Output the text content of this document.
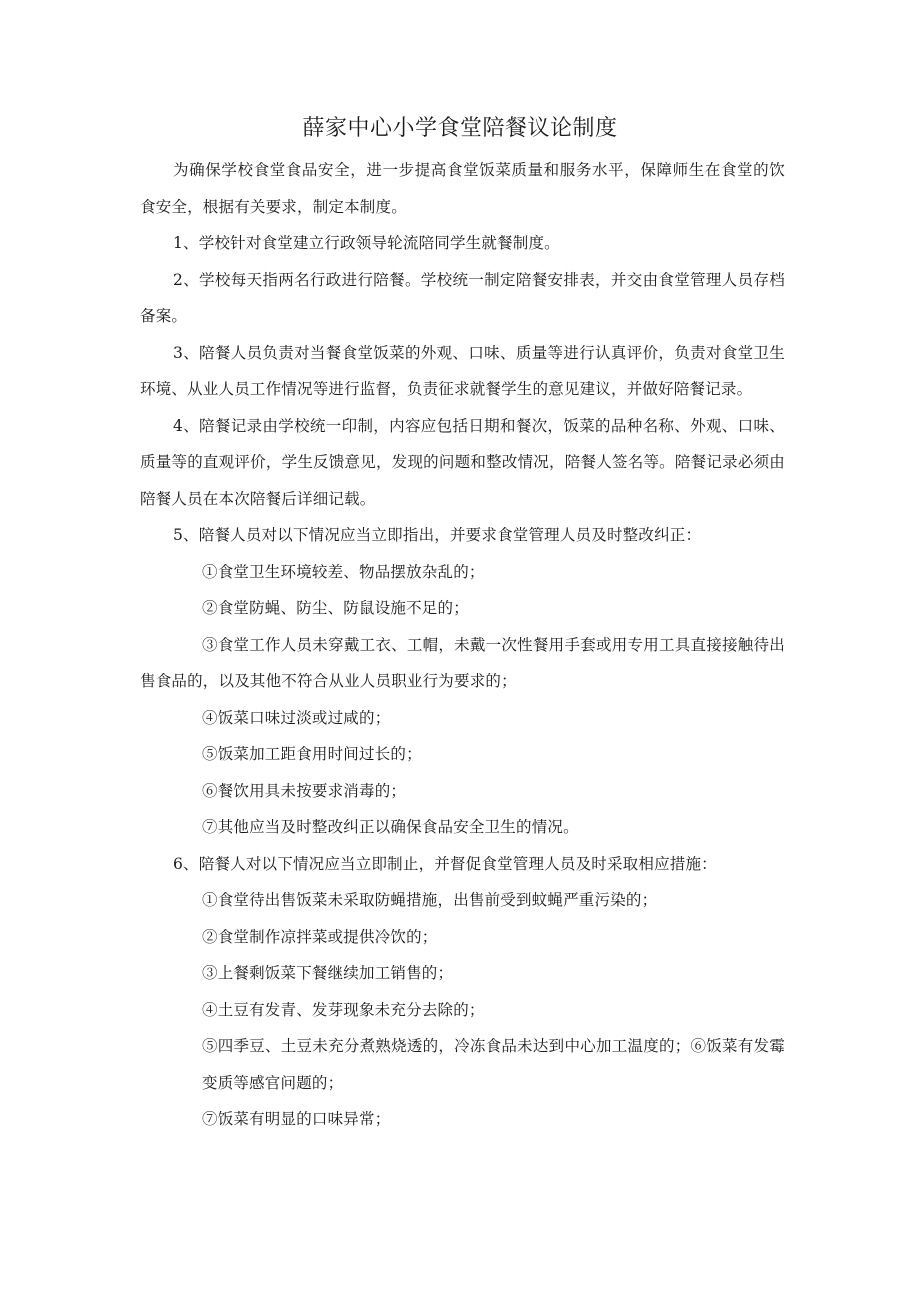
薛家中心小学食堂陪餐议论制度

为确保学校食堂食品安全，进一步提高食堂饭菜质量和服务水平，保障师生在食堂的饮食安全，根据有关要求，制定本制度。

1、学校针对食堂建立行政领导轮流陪同学生就餐制度。

2、学校每天指两名行政进行陪餐。学校统一制定陪餐安排表，并交由食堂管理人员存档备案。

3、陪餐人员负责对当餐食堂饭菜的外观、口味、质量等进行认真评价，负责对食堂卫生环境、从业人员工作情况等进行监督，负责征求就餐学生的意见建议，并做好陪餐记录。

4、陪餐记录由学校统一印制，内容应包括日期和餐次，饭菜的品种名称、外观、口味、质量等的直观评价，学生反馈意见，发现的问题和整改情况，陪餐人签名等。陪餐记录必须由陪餐人员在本次陪餐后详细记载。

5、陪餐人员对以下情况应当立即指出，并要求食堂管理人员及时整改纠正：

①食堂卫生环境较差、物品摆放杂乱的；

②食堂防蝇、防尘、防鼠设施不足的；

③食堂工作人员未穿戴工衣、工帽，未戴一次性餐用手套或用专用工具直接接触待出售食品的，以及其他不符合从业人员职业行为要求的；

④饭菜口味过淡或过咸的；

⑤饭菜加工距食用时间过长的；

⑥餐饮用具未按要求消毒的；

⑦其他应当及时整改纠正以确保食品安全卫生的情况。

6、陪餐人对以下情况应当立即制止，并督促食堂管理人员及时采取相应措施：

①食堂待出售饭菜未采取防蝇措施，出售前受到蚊蝇严重污染的；

②食堂制作凉拌菜或提供冷饮的；

③上餐剩饭菜下餐继续加工销售的；

④土豆有发青、发芽现象未充分去除的；

⑤四季豆、土豆未充分煮熟烧透的，冷冻食品未达到中心加工温度的；⑥饭菜有发霉变质等感官问题的；

⑦饭菜有明显的口味异常；
